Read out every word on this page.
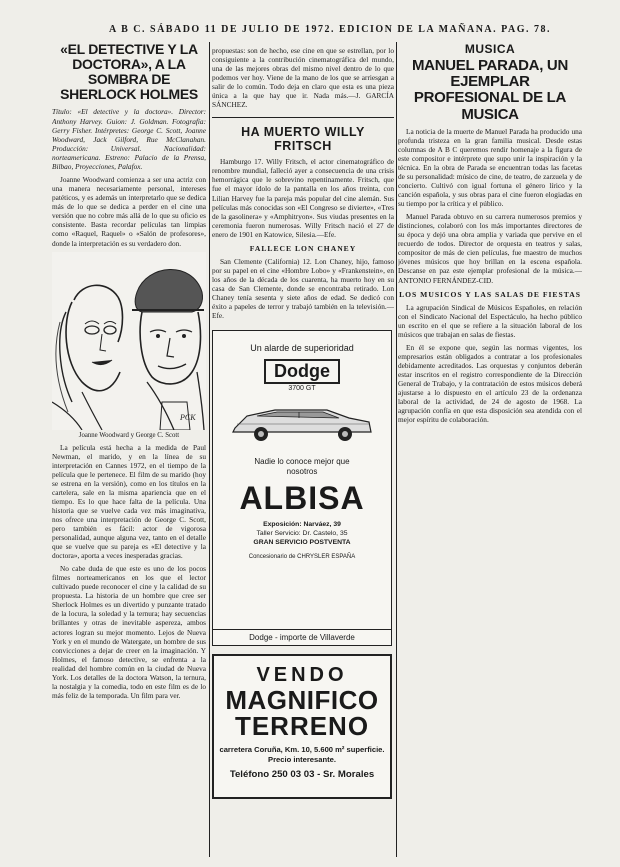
A B C. SÁBADO 11 DE JULIO DE 1972. EDICION DE LA MAÑANA. PAG. 78.
«EL DETECTIVE Y LA DOCTORA», A LA SOMBRA DE SHERLOCK HOLMES
Título: «El detective y la doctora». Director: Anthony Harvey. Guion: J. Goldman. Fotografía: Gerry Fisher. Intérpretes: George C. Scott, Joanne Woodward, Jack Gilford, Rue McClanahan. Producción: Universal. Nacionalidad: norteamericana. Estreno: Palacio de la Prensa, Bilbao, Proyecciones, Palafox.
Joanne Woodward comienza a ser una actriz con una manera necesariamente personal, intereses patéticos, y es además un interpretarlo que se dedica más de lo que se dedica a perder en el cine una versión que no cobre más allá de lo que su oficio es consistente. Basta recordar películas tan limpias como «Raquel, Raquel» o «Salón de profesores», donde la interpretación es su verdadero don.
PCK
Joanne Woodward y George C. Scott
La película está hecha a la medida de Paul Newman, el marido, y en la línea de su interpretación en Cannes 1972, en el tiempo de la película que le pertenece. El film de su marido (hoy se estrena en la versión), como en los títulos en la cartelera, sale en la misma apariencia que en el tiempo. Es lo que hace falta de la película. Una historia que se vuelve cada vez más imaginativa, nos ofrece una interpretación de George C. Scott, pero también es fácil: actor de vigorosa personalidad, aunque alguna vez, tanto en el detalle que se vuelve que su pareja es «El detective y la doctora», aporta a veces inesperadas gracias.
No cabe duda de que este es uno de los pocos filmes norteamericanos en los que el lector cultivado puede reconocer el cine y la calidad de su propuesta. La historia de un hombre que cree ser Sherlock Holmes es un divertido y punzante tratado de la locura, la soledad y la ternura; hay secuencias brillantes y otras de inevitable aspereza, ambos actores logran su mejor momento. Lejos de Nueva York y en el mundo de Watergate, un hombre de sus convicciones a dejar de creer en la imaginación. Y Holmes, el famoso detective, se enfrenta a la realidad del hombre común en la ciudad de Nueva York. Los detalles de la doctora Watson, la ternura, la nostalgia y la comedia, todo en este film es de lo más feliz de la temporada. Un film para ver.
propuestas: son de hecho, ese cine en que se estrellan, por lo consiguiente a la contribución cinematográfica del mundo, una de las mejores obras del mismo nivel dentro de lo que podemos ver hoy. Viene de la mano de los que se arriesgan a salir de lo común. Todo deja en claro que esta es una pieza única a la que hay que ir. Nada más.—J. GARCÍA SÁNCHEZ.
HA MUERTO WILLY FRITSCH
Hamburgo 17. Willy Fritsch, el actor cinematográfico de renombre mundial, falleció ayer a consecuencia de una crisis hemorrágica que le sobrevino repentinamente. Fritsch, que fue el mayor ídolo de la pantalla en los años treinta, con Lilian Harvey fue la pareja más popular del cine alemán. Sus películas más conocidas son «El Congreso se divierte», «Tres de la gasolinera» y «Amphitryon». Sus viudas presentes en la ceremonia fueron numerosas. Willy Fritsch nació el 27 de enero de 1901 en Katowice, Silesia.—Efe.
FALLECE LON CHANEY
San Clemente (California) 12. Lon Chaney, hijo, famoso por su papel en el cine «Hombre Lobo» y «Frankenstein», en los años de la década de los cuarenta, ha muerto hoy en su casa de San Clemente, donde se encontraba retirado. Lon Chaney tenía sesenta y siete años de edad. Se dedicó con éxito a papeles de terror y trabajó también en la televisión.—Efe.
Un alarde de superioridad
Dodge
3700 GT
Nadie lo conoce mejor que nosotros
ALBISA
Exposición: Narváez, 39
Taller Servicio: Dr. Castelo, 35
GRAN SERVICIO POSTVENTA
Concesionario de CHRYSLER ESPAÑA
Dodge - importe de Villaverde
VENDO
MAGNIFICO
TERRENO
carretera Coruña, Km. 10, 5.600 m² superficie. Precio interesante.
Teléfono 250 03 03 - Sr. Morales
MUSICA
MANUEL PARADA, UN EJEMPLAR PROFESIONAL DE LA MUSICA
La noticia de la muerte de Manuel Parada ha producido una profunda tristeza en la gran familia musical. Desde estas columnas de A B C queremos rendir homenaje a la figura de este compositor e intérprete que supo unir la inspiración y la técnica. En la obra de Parada se encuentran todas las facetas de su personalidad: músico de cine, de teatro, de zarzuela y de concierto. Cultivó con igual fortuna el género lírico y la canción española, y sus obras para el cine fueron elogiadas en su tiempo por la crítica y el público.
Manuel Parada obtuvo en su carrera numerosos premios y distinciones, colaboró con los más importantes directores de su época y dejó una obra amplia y variada que pervive en el recuerdo de todos. Director de orquesta en teatros y salas, compositor de más de cien películas, fue maestro de muchos jóvenes músicos que hoy brillan en la escena española. Descanse en paz este ejemplar profesional de la música.—ANTONIO FERNÁNDEZ-CID.
LOS MUSICOS Y LAS SALAS DE FIESTAS
La agrupación Sindical de Músicos Españoles, en relación con el Sindicato Nacional del Espectáculo, ha hecho público un escrito en el que se refiere a la situación laboral de los músicos que trabajan en salas de fiestas.
En él se expone que, según las normas vigentes, los empresarios están obligados a contratar a los profesionales debidamente acreditados. Las orquestas y conjuntos deberán estar inscritos en el registro correspondiente de la Dirección General de Trabajo, y la contratación de estos músicos deberá ajustarse a lo dispuesto en el artículo 23 de la ordenanza laboral de la actividad, de 24 de agosto de 1968. La agrupación confía en que esta disposición sea atendida con el mejor espíritu de colaboración.
